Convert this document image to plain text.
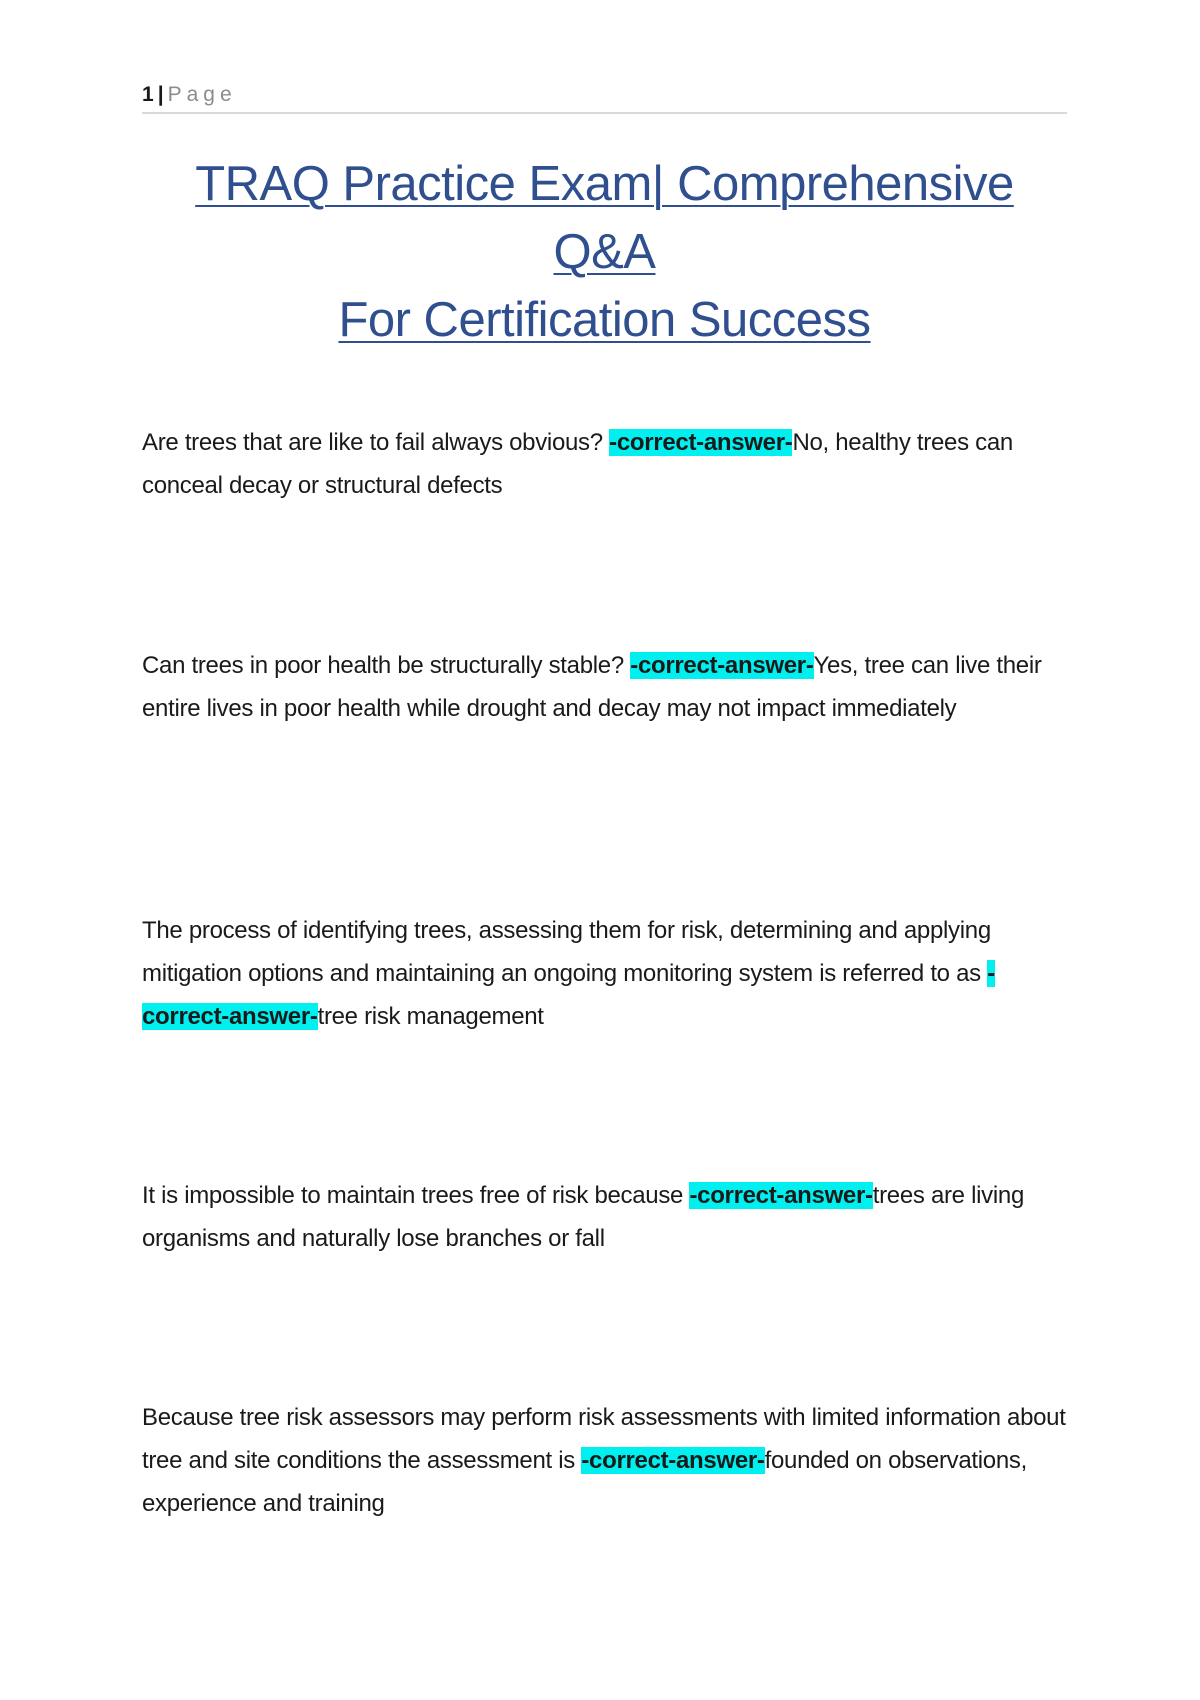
1 | Page
TRAQ Practice Exam| Comprehensive Q&A
For Certification Success

Are trees that are like to fail always obvious? -correct-answer-No, healthy trees can conceal decay or structural defects

Can trees in poor health be structurally stable? -correct-answer-Yes, tree can live their entire lives in poor health while drought and decay may not impact immediately

The process of identifying trees, assessing them for risk, determining and applying mitigation options and maintaining an ongoing monitoring system is referred to as -correct-answer-tree risk management

It is impossible to maintain trees free of risk because -correct-answer-trees are living organisms and naturally lose branches or fall

Because tree risk assessors may perform risk assessments with limited information about tree and site conditions the assessment is -correct-answer-founded on observations, experience and training
